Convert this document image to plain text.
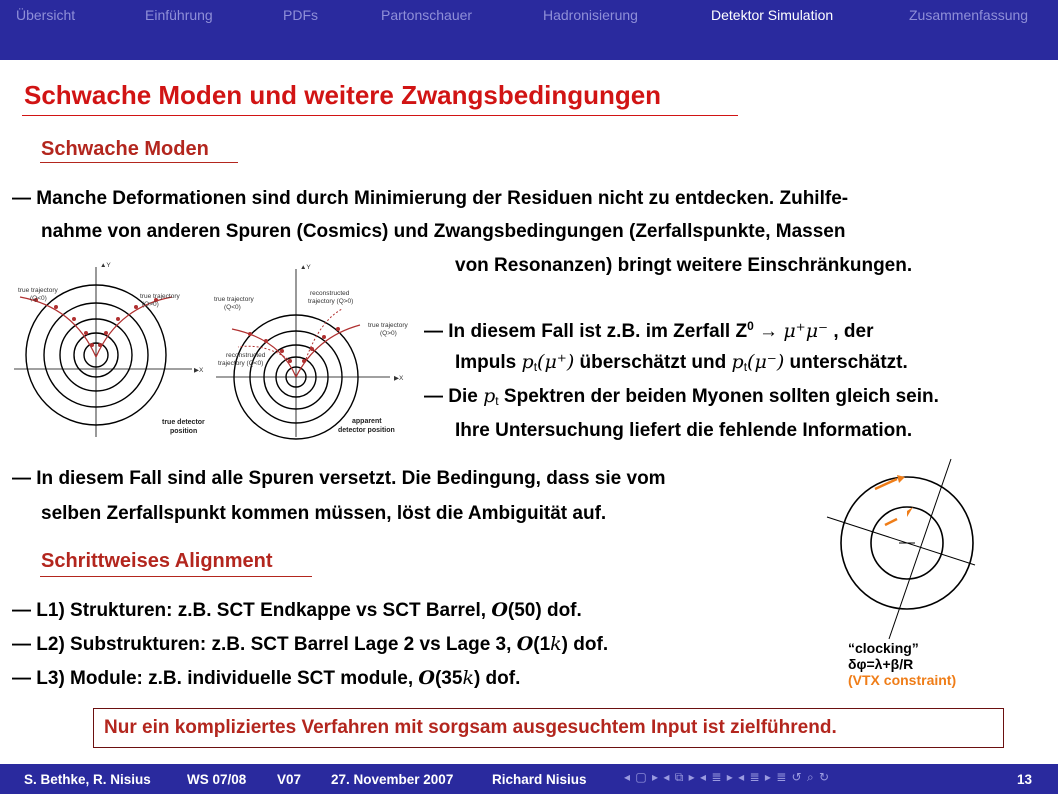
Übersicht	Einführung	PDFs	Partonschauer	Hadronisierung	Detektor Simulation	Zusammenfassung
Schwache Moden und weitere Zwangsbedingungen
Schwache Moden
— Manche Deformationen sind durch Minimierung der Residuen nicht zu entdecken. Zuhilfe-
nahme von anderen Spuren (Cosmics) und Zwangsbedingungen (Zerfallspunkte, Massen
von Resonanzen) bringt weitere Einschränkungen.
▲Y
▶X
true trajectory
(Q<0)	true trajectory
(Q>0)
true detector
position
▲Y
▶X
true trajectory
(Q<0)
reconstructed
trajectory (Q>0)
true trajectory
(Q>0)
reconstructed
trajectory (Q<0)
apparent
detector position
— In diesem Fall ist z.B. im Zerfall $Z^0 \to \mu^+\mu^-$ , der
Impuls $p_t(\mu^+)$ überschätzt und $p_t(\mu^-)$ unterschätzt.
— Die $p_t$ Spektren der beiden Myonen sollten gleich sein.
Ihre Untersuchung liefert die fehlende Information.
— In diesem Fall sind alle Spuren versetzt. Die Bedingung, dass sie vom
selben Zerfallspunkt kommen müssen, löst die Ambiguität auf.
“clocking”
δφ=λ+β/R
(VTX constraint)
Schrittweises Alignment
— L1) Strukturen: z.B. SCT Endkappe vs SCT Barrel, O(50) dof.
— L2) Substrukturen: z.B. SCT Barrel Lage 2 vs Lage 3, O(1k) dof.
— L3) Module: z.B. individuelle SCT module, O(35k) dof.
Nur ein kompliziertes Verfahren mit sorgsam ausgesuchtem Input ist zielführend.
S. Bethke, R. Nisius	WS 07/08 V07 27. November 2007	Richard Nisius	◂ ▢ ▸ ◂ ⧉ ▸ ◂ ≣ ▸ ◂ ≣ ▸ ≣ ↺ ⌕ ↻	13
